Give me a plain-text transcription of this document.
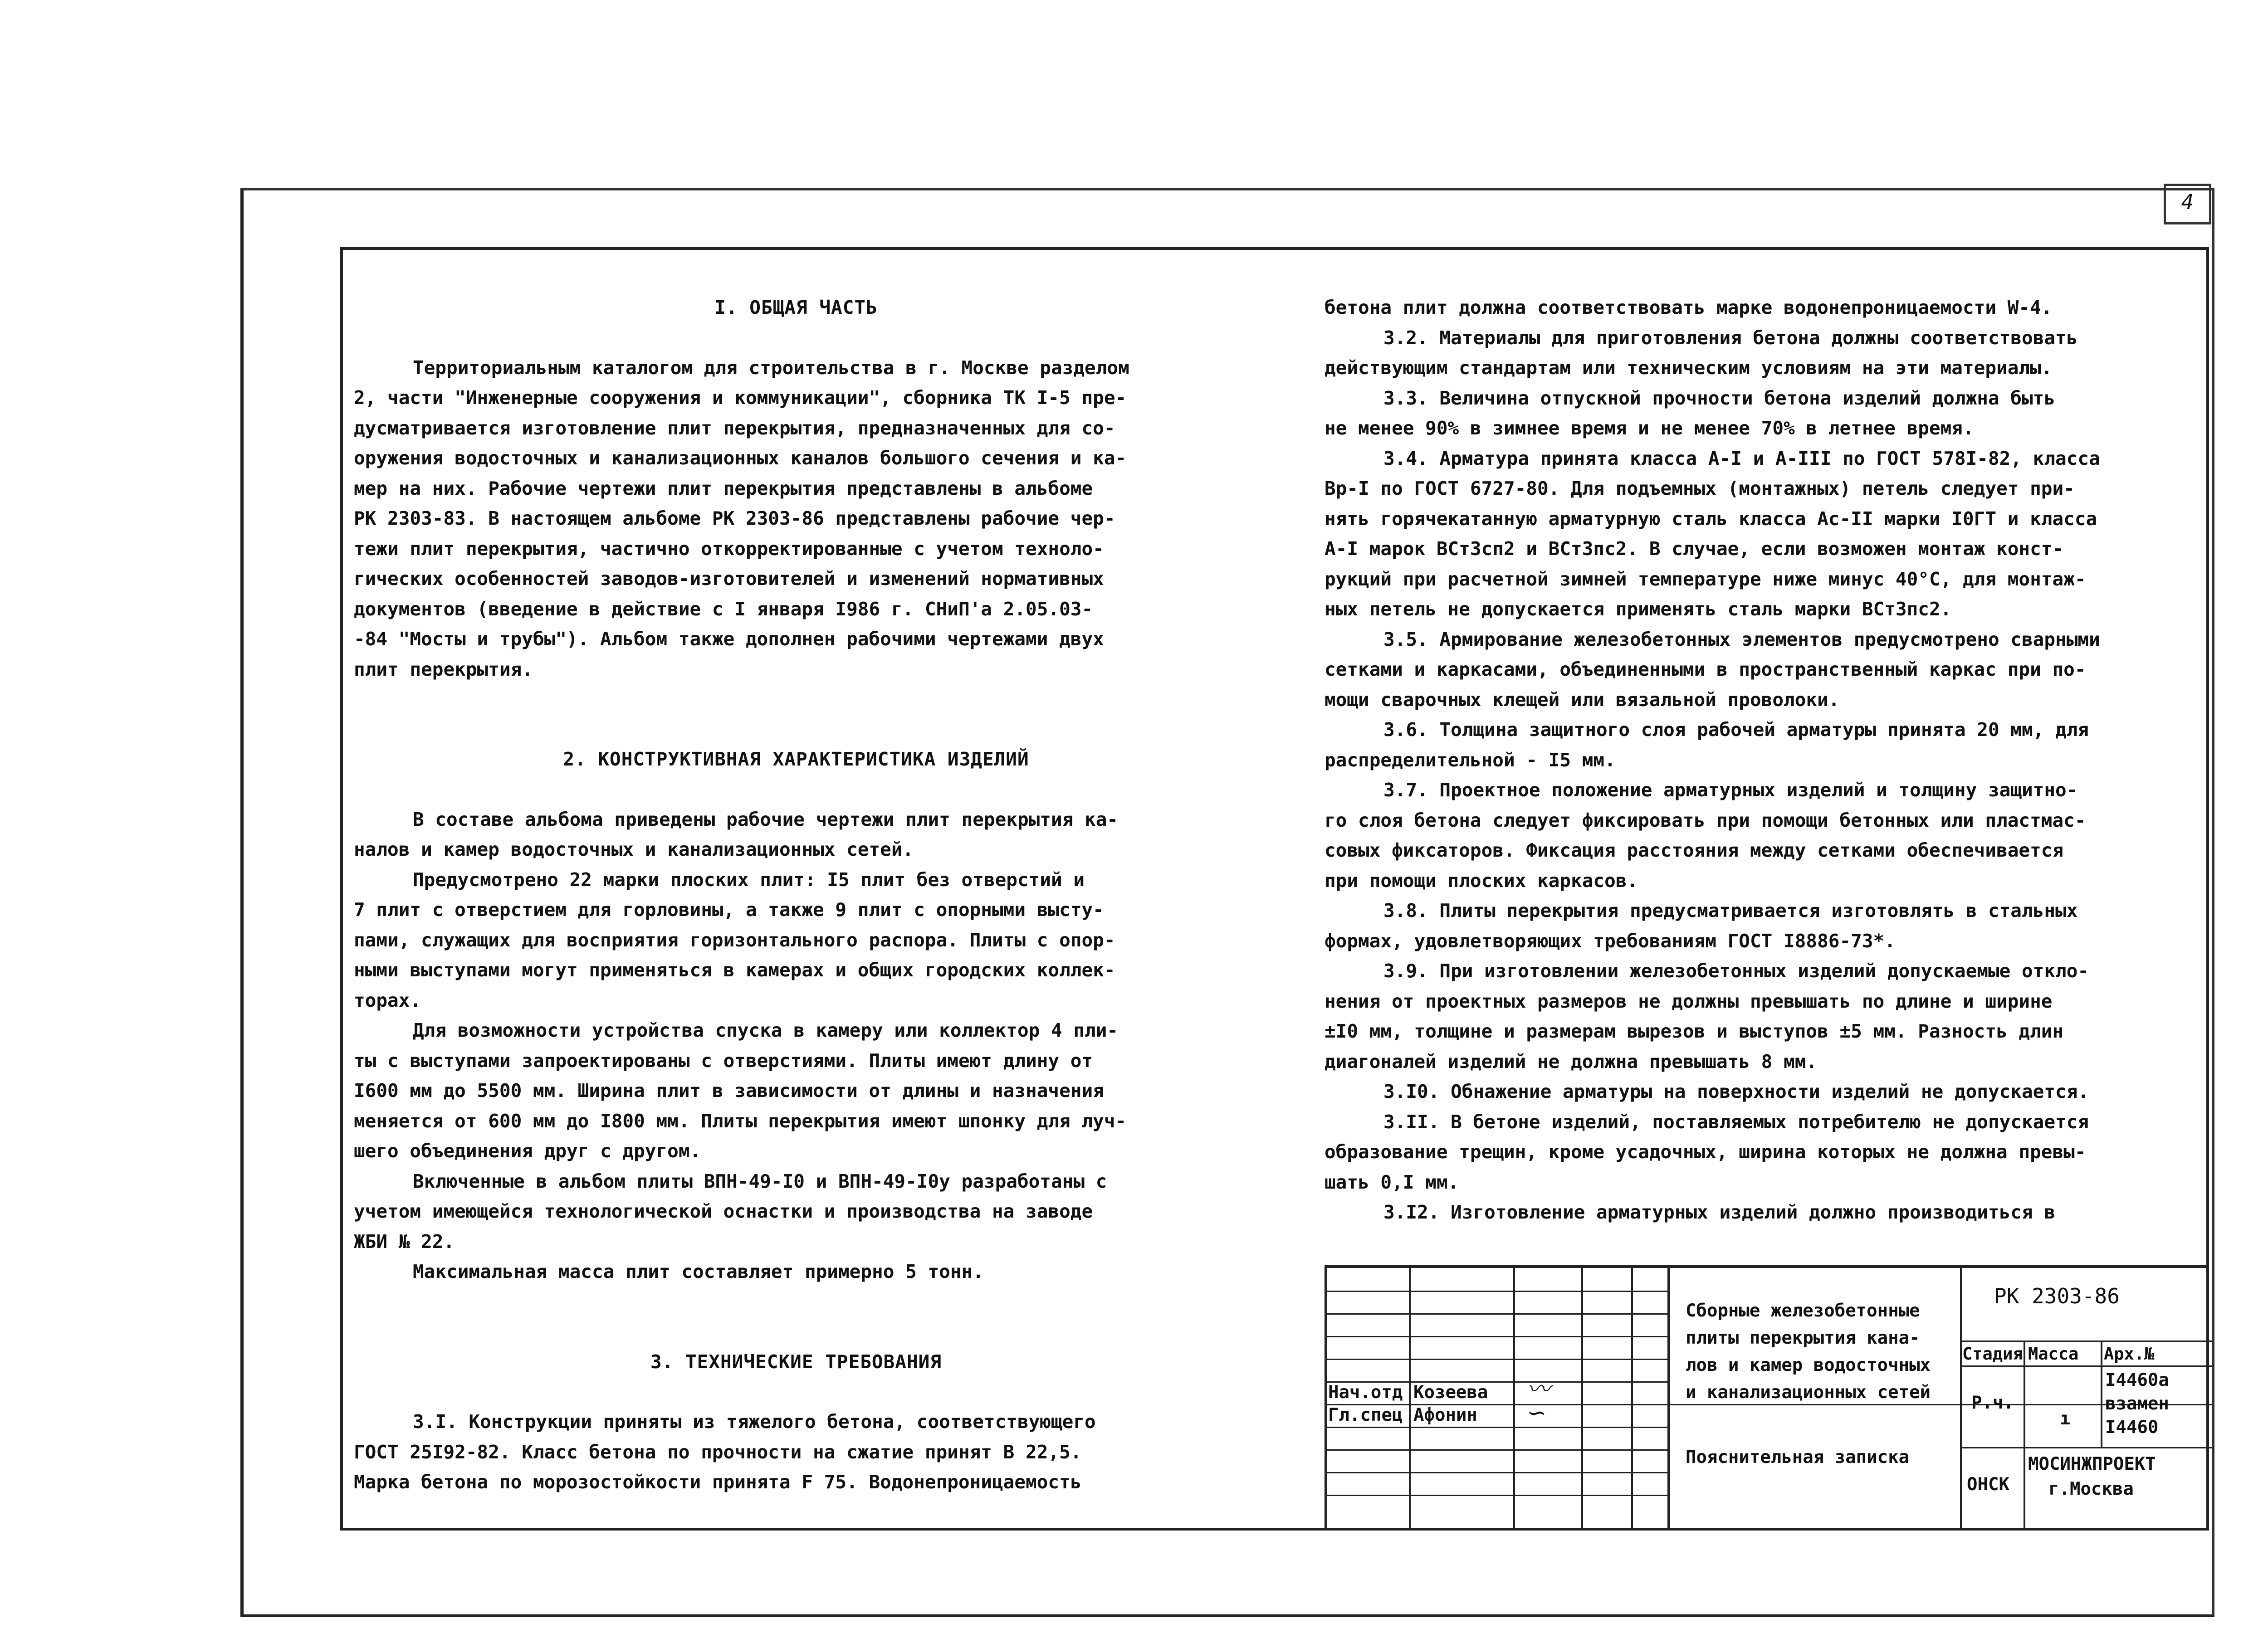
4

I. ОБЩАЯ ЧАСТЬ

Территориальным каталогом для строительства в г. Москве разделом

2, части "Инженерные сооружения и коммуникации", сборника ТК I-5 пре-

дусматривается изготовление плит перекрытия, предназначенных для со-

оружения водосточных и канализационных каналов большого сечения и ка-

мер на них. Рабочие чертежи плит перекрытия представлены в альбоме

РК 2303-83. В настоящем альбоме РК 2303-86 представлены рабочие чер-

тежи плит перекрытия, частично откорректированные с учетом техноло-

гических особенностей заводов-изготовителей и изменений нормативных

документов (введение в действие с I января I986 г. СНиП'а 2.05.03-

-84 "Мосты и трубы"). Альбом также дополнен рабочими чертежами двух

плит перекрытия.

2. КОНСТРУКТИВНАЯ ХАРАКТЕРИСТИКА ИЗДЕЛИЙ

В составе альбома приведены рабочие чертежи плит перекрытия ка-

налов и камер водосточных и канализационных сетей.

Предусмотрено 22 марки плоских плит: I5 плит без отверстий и

7 плит с отверстием для горловины, а также 9 плит с опорными высту-

пами, служащих для восприятия горизонтального распора. Плиты с опор-

ными выступами могут применяться в камерах и общих городских коллек-

торах.

Для возможности устройства спуска в камеру или коллектор 4 пли-

ты с выступами запроектированы с отверстиями. Плиты имеют длину от

I600 мм до 5500 мм. Ширина плит в зависимости от длины и назначения

меняется от 600 мм до I800 мм. Плиты перекрытия имеют шпонку для луч-

шего объединения друг с другом.

Включенные в альбом плиты ВПН-49-I0 и ВПН-49-I0у разработаны с

учетом имеющейся технологической оснастки и производства на заводе

ЖБИ № 22.

Максимальная масса плит составляет примерно 5 тонн.

3. ТЕХНИЧЕСКИЕ ТРЕБОВАНИЯ

3.I. Конструкции приняты из тяжелого бетона, соответствующего

ГОСТ 25I92-82. Класс бетона по прочности на сжатие принят В 22,5.

Марка бетона по морозостойкости принята F 75. Водонепроницаемость

бетона плит должна соответствовать марке водонепроницаемости W-4.

3.2. Материалы для приготовления бетона должны соответствовать

действующим стандартам или техническим условиям на эти материалы.

3.3. Величина отпускной прочности бетона изделий должна быть

не менее 90% в зимнее время и не менее 70% в летнее время.

3.4. Арматура принята класса А-I и А-III по ГОСТ 578I-82, класса

Вр-I по ГОСТ 6727-80. Для подъемных (монтажных) петель следует при-

нять горячекатанную арматурную сталь класса Ас-II марки I0ГТ и класса

А-I марок ВСт3сп2 и ВСт3пс2. В случае, если возможен монтаж конст-

рукций при расчетной зимней температуре ниже минус 40°С, для монтаж-

ных петель не допускается применять сталь марки ВСт3пс2.

3.5. Армирование железобетонных элементов предусмотрено сварными

сетками и каркасами, объединенными в пространственный каркас при по-

мощи сварочных клещей или вязальной проволоки.

3.6. Толщина защитного слоя рабочей арматуры принята 20 мм, для

распределительной - I5 мм.

3.7. Проектное положение арматурных изделий и толщину защитно-

го слоя бетона следует фиксировать при помощи бетонных или пластмас-

совых фиксаторов. Фиксация расстояния между сетками обеспечивается

при помощи плоских каркасов.

3.8. Плиты перекрытия предусматривается изготовлять в стальных

формах, удовлетворяющих требованиям ГОСТ I8886-73*.

3.9. При изготовлении железобетонных изделий допускаемые откло-

нения от проектных размеров не должны превышать по длине и ширине

±I0 мм, толщине и размерам вырезов и выступов ±5 мм. Разность длин

диагоналей изделий не должна превышать 8 мм.

3.I0. Обнажение арматуры на поверхности изделий не допускается.

3.II. В бетоне изделий, поставляемых потребителю не допускается

образование трещин, кроме усадочных, ширина которых не должна превы-

шать 0,I мм.

3.I2. Изготовление арматурных изделий должно производиться в

Нач.отд Козеева
Гл.спец Афонин
〰
∽
Сборные железобетонные
плиты перекрытия кана-
лов и камер водосточных
и канализационных сетей
РК 2303-86
Стадия Масса Арх.№
Р.ч.
ı
I4460а
взамен
I4460
Пояснительная записка
ОНСК
МОСИНЖПРОЕКТ
г.Москва
